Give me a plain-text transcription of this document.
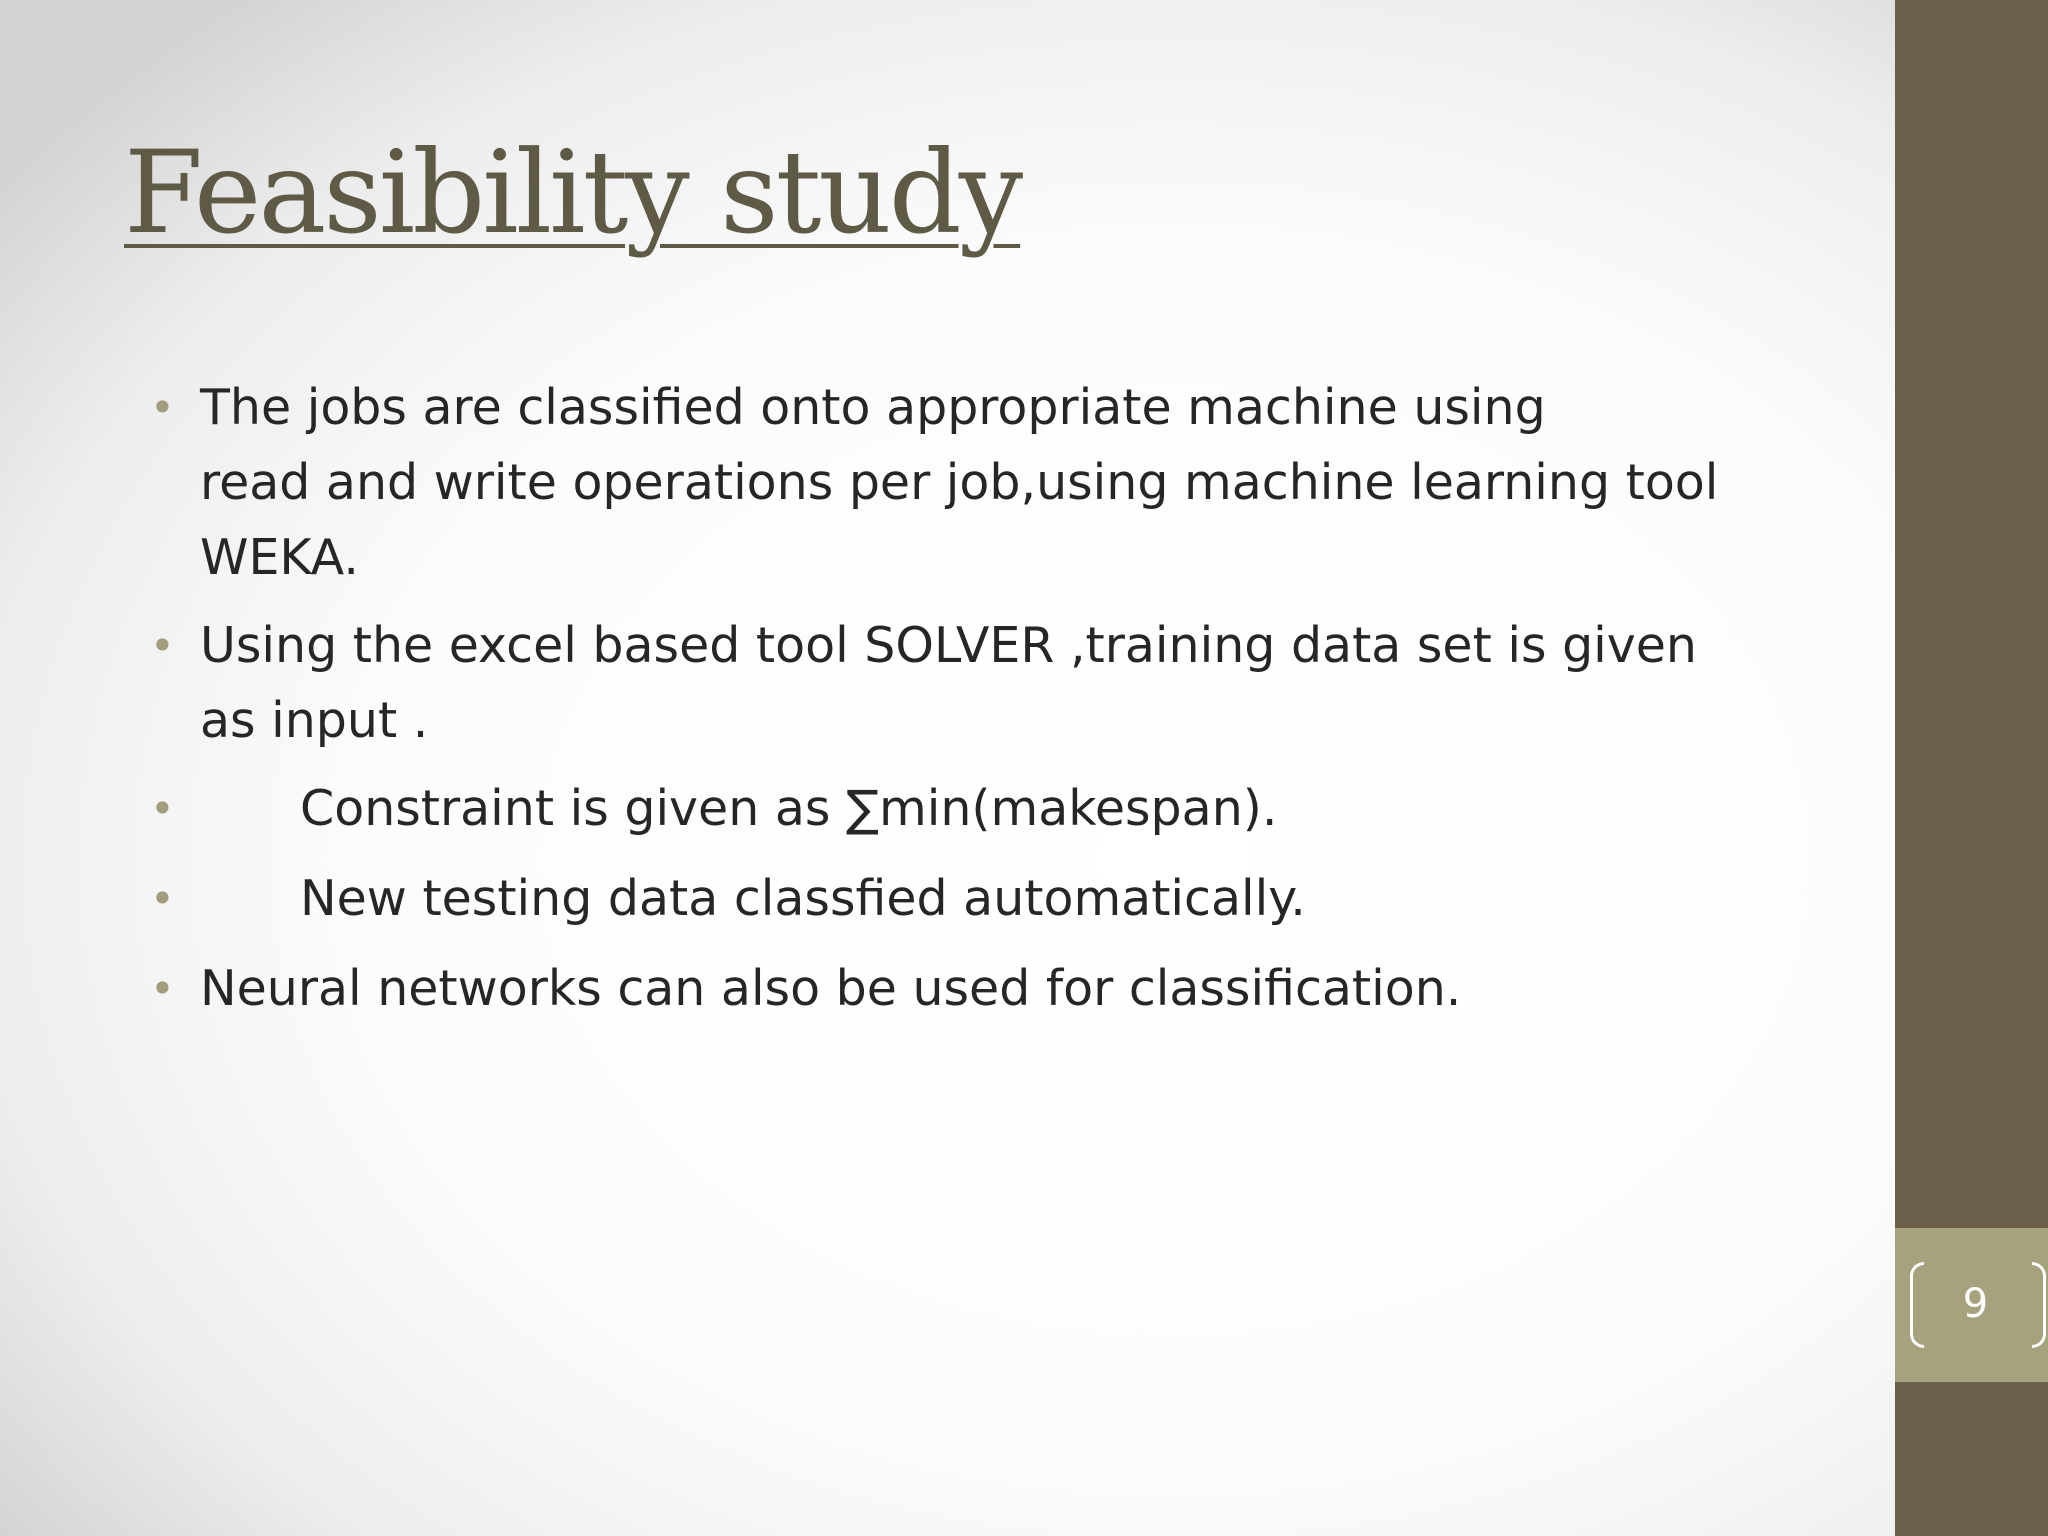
Feasibility study
• The jobs are classified onto appropriate machine using
read and write operations per job,using machine learning tool
WEKA.
• Using the excel based tool SOLVER ,training data set is given
as input .
•	Constraint is given as ∑min(makespan).
•	New testing data classfied automatically.
• Neural networks can also be used for classification.
9
